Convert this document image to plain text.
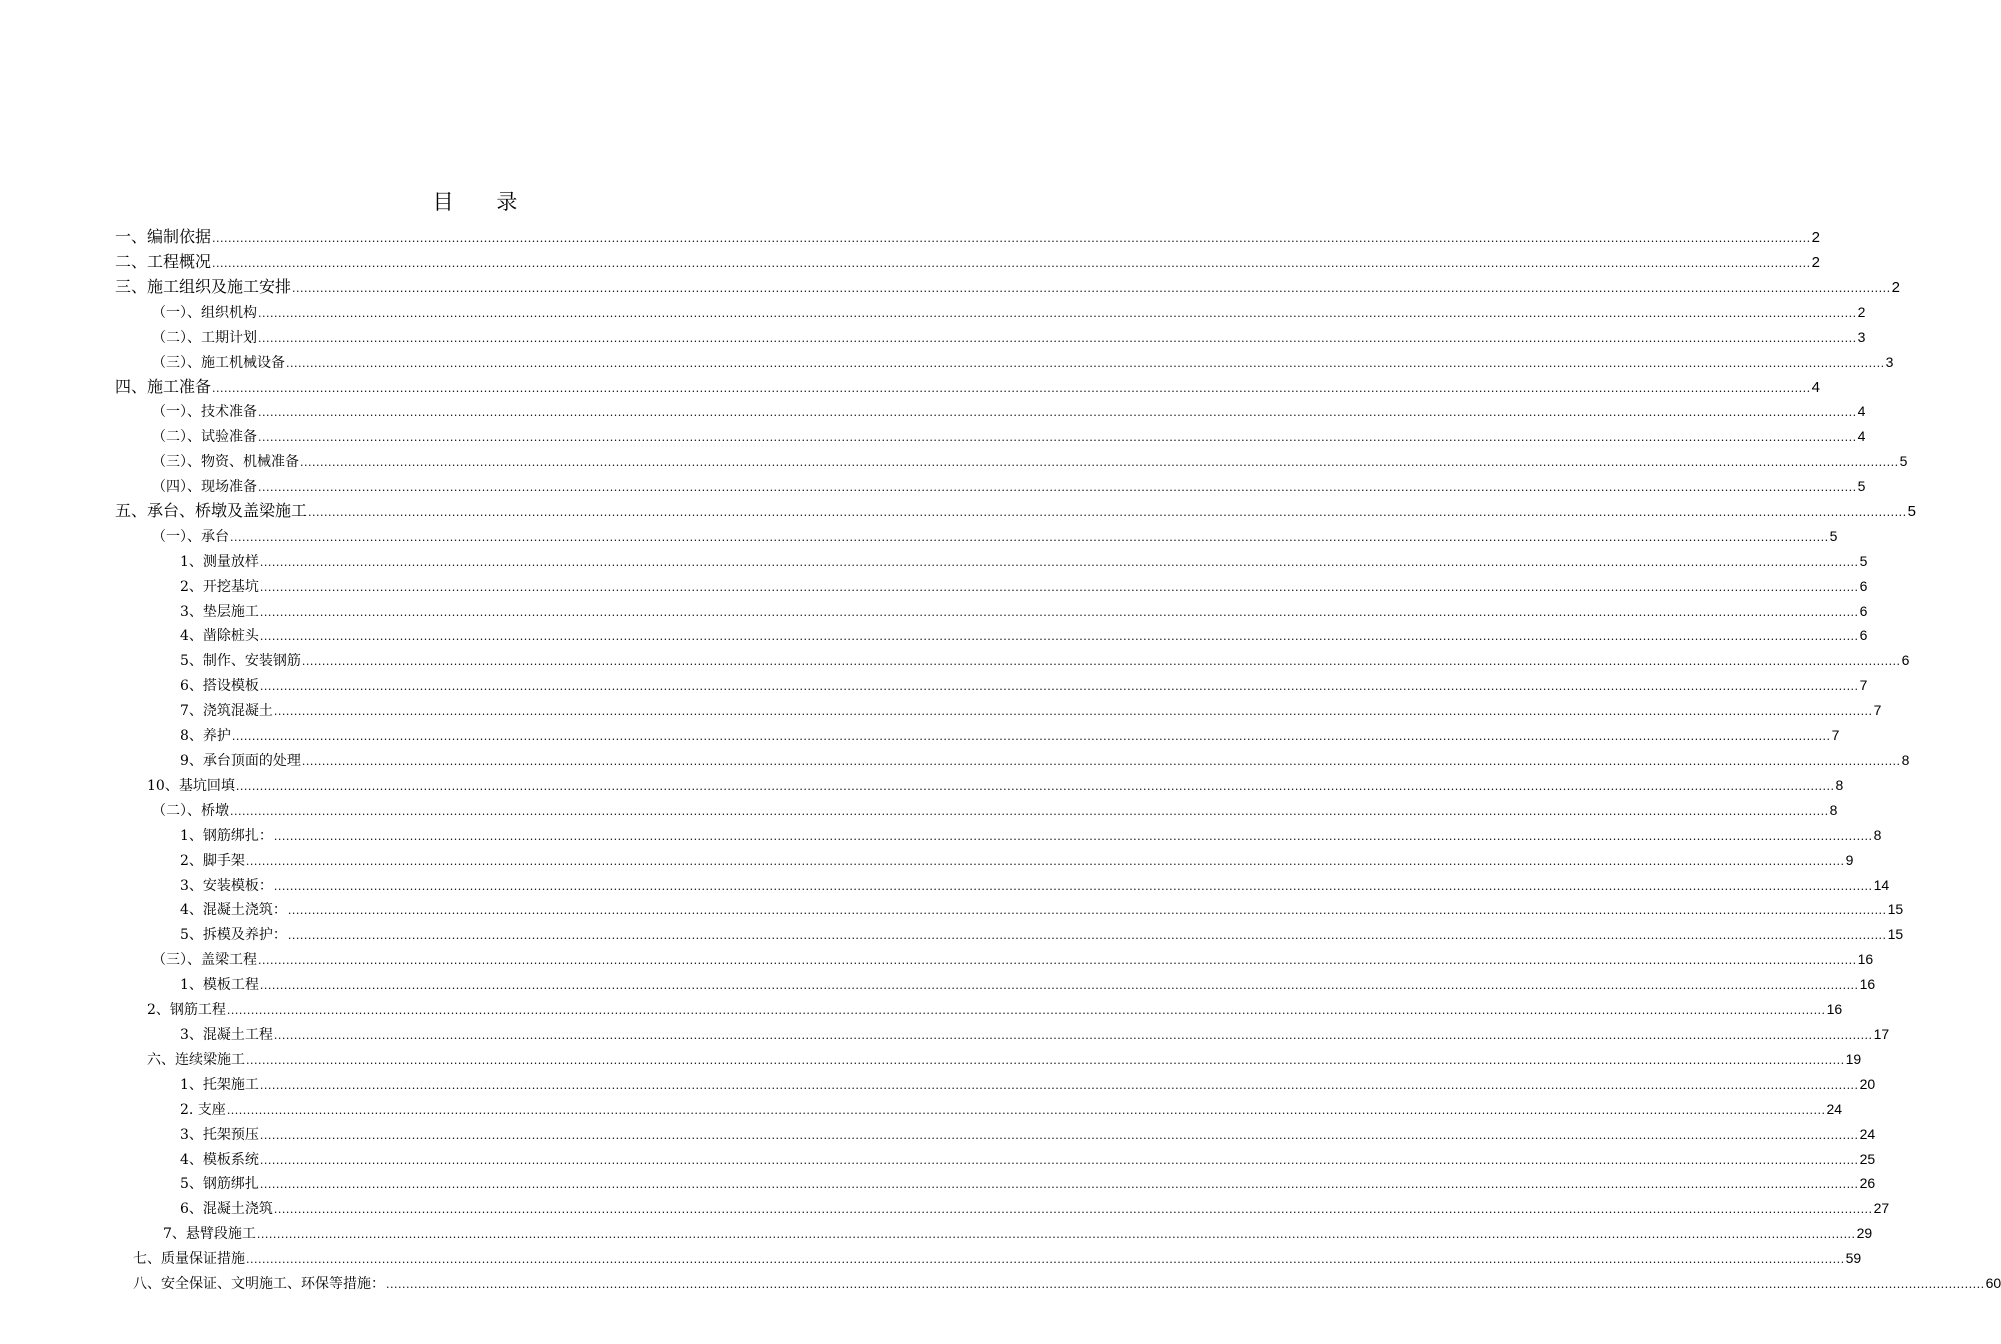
目 录
一、编制依据 ................................................................................................................................................................................................................................................................................................................................................................................................................ 2
二、工程概况 ................................................................................................................................................................................................................................................................................................................................................................................................................ 2
三、施工组织及施工安排 ................................................................................................................................................................................................................................................................................................................................................................................................................ 2
（一）、组织机构 ................................................................................................................................................................................................................................................................................................................................................................................................................ 2
（二）、工期计划 ................................................................................................................................................................................................................................................................................................................................................................................................................ 3
（三）、施工机械设备 ................................................................................................................................................................................................................................................................................................................................................................................................................ 3
四、施工准备 ................................................................................................................................................................................................................................................................................................................................................................................................................ 4
（一）、技术准备 ................................................................................................................................................................................................................................................................................................................................................................................................................ 4
（二）、试验准备 ................................................................................................................................................................................................................................................................................................................................................................................................................ 4
（三）、物资、机械准备 ................................................................................................................................................................................................................................................................................................................................................................................................................ 5
（四）、现场准备 ................................................................................................................................................................................................................................................................................................................................................................................................................ 5
五、承台、桥墩及盖梁施工 ................................................................................................................................................................................................................................................................................................................................................................................................................ 5
（一）、承台 ................................................................................................................................................................................................................................................................................................................................................................................................................ 5
1、测量放样 ................................................................................................................................................................................................................................................................................................................................................................................................................ 5
2、开挖基坑 ................................................................................................................................................................................................................................................................................................................................................................................................................ 6
3、垫层施工 ................................................................................................................................................................................................................................................................................................................................................................................................................ 6
4、凿除桩头 ................................................................................................................................................................................................................................................................................................................................................................................................................ 6
5、制作、安装钢筋 ................................................................................................................................................................................................................................................................................................................................................................................................................ 6
6、搭设模板 ................................................................................................................................................................................................................................................................................................................................................................................................................ 7
7、浇筑混凝土 ................................................................................................................................................................................................................................................................................................................................................................................................................ 7
8、养护 ................................................................................................................................................................................................................................................................................................................................................................................................................ 7
9、承台顶面的处理 ................................................................................................................................................................................................................................................................................................................................................................................................................ 8
10、基坑回填 ................................................................................................................................................................................................................................................................................................................................................................................................................ 8
（二）、桥墩 ................................................................................................................................................................................................................................................................................................................................................................................................................ 8
1、钢筋绑扎： ................................................................................................................................................................................................................................................................................................................................................................................................................ 8
2、脚手架 ................................................................................................................................................................................................................................................................................................................................................................................................................ 9
3、安装模板： ................................................................................................................................................................................................................................................................................................................................................................................................................ 14
4、混凝土浇筑： ................................................................................................................................................................................................................................................................................................................................................................................................................ 15
5、拆模及养护： ................................................................................................................................................................................................................................................................................................................................................................................................................ 15
（三）、盖梁工程 ................................................................................................................................................................................................................................................................................................................................................................................................................ 16
1、模板工程 ................................................................................................................................................................................................................................................................................................................................................................................................................ 16
2、钢筋工程 ................................................................................................................................................................................................................................................................................................................................................................................................................ 16
3、混凝土工程 ................................................................................................................................................................................................................................................................................................................................................................................................................ 17
六、连续梁施工 ................................................................................................................................................................................................................................................................................................................................................................................................................ 19
1、托架施工 ................................................................................................................................................................................................................................................................................................................................................................................................................ 20
2. 支座 ................................................................................................................................................................................................................................................................................................................................................................................................................ 24
3、托架预压 ................................................................................................................................................................................................................................................................................................................................................................................................................ 24
4、模板系统 ................................................................................................................................................................................................................................................................................................................................................................................................................ 25
5、钢筋绑扎 ................................................................................................................................................................................................................................................................................................................................................................................................................ 26
6、混凝土浇筑 ................................................................................................................................................................................................................................................................................................................................................................................................................ 27
7、悬臂段施工 ................................................................................................................................................................................................................................................................................................................................................................................................................ 29
七、质量保证措施 ................................................................................................................................................................................................................................................................................................................................................................................................................ 59
八、安全保证、文明施工、环保等措施： ................................................................................................................................................................................................................................................................................................................................................................................................................ 60
